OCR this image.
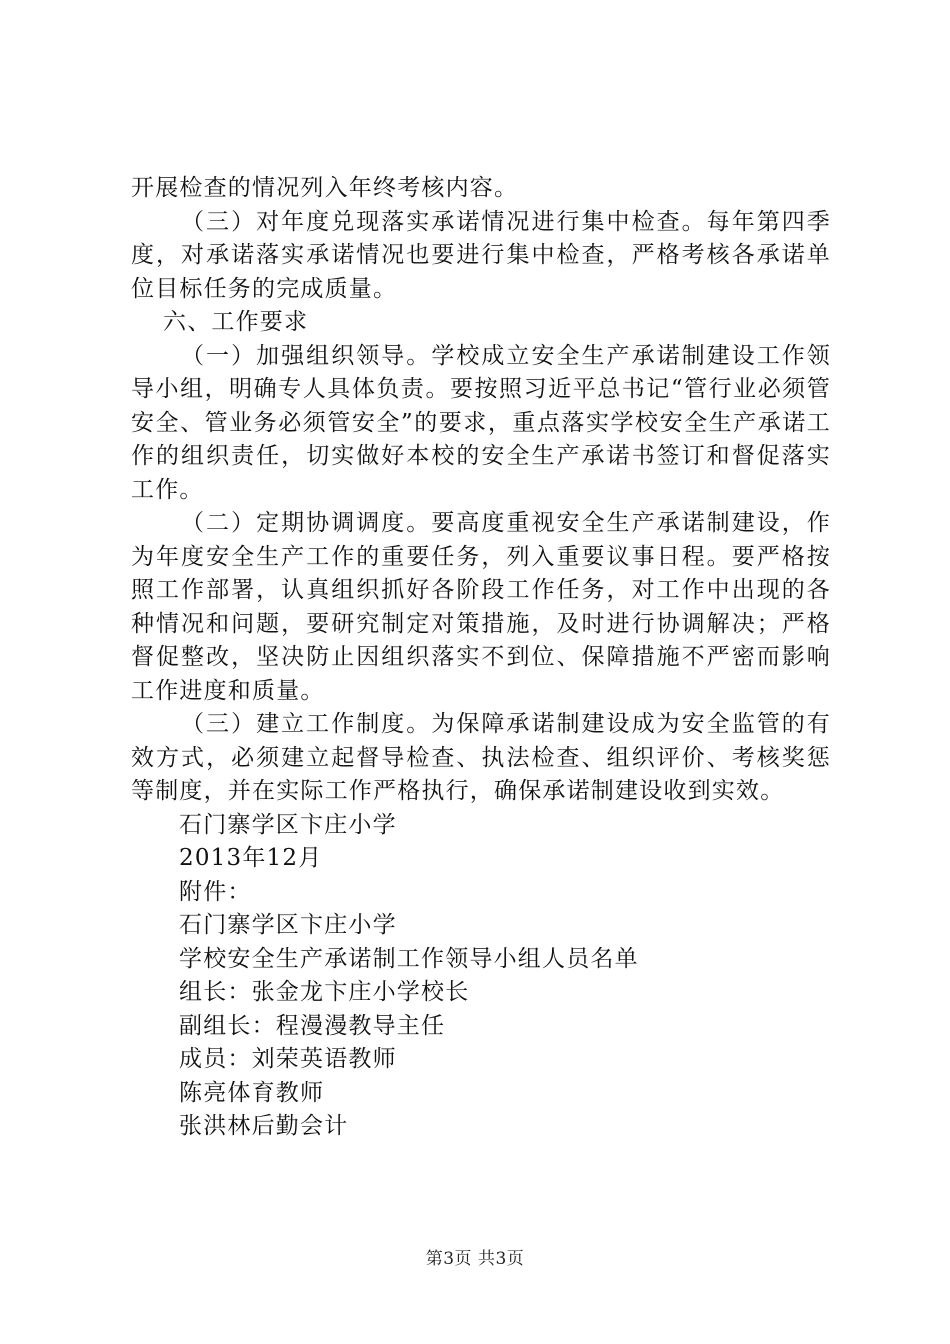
开展检查的情况列入年终考核内容。

（三）对年度兑现落实承诺情况进行集中检查。每年第四季度，对承诺落实承诺情况也要进行集中检查，严格考核各承诺单位目标任务的完成质量。

六、工作要求

（一）加强组织领导。学校成立安全生产承诺制建设工作领导小组，明确专人具体负责。要按照习近平总书记“管行业必须管安全、管业务必须管安全”的要求，重点落实学校安全生产承诺工作的组织责任，切实做好本校的安全生产承诺书签订和督促落实工作。

（二）定期协调调度。要高度重视安全生产承诺制建设，作为年度安全生产工作的重要任务，列入重要议事日程。要严格按照工作部署，认真组织抓好各阶段工作任务，对工作中出现的各种情况和问题，要研究制定对策措施，及时进行协调解决；严格督促整改，坚决防止因组织落实不到位、保障措施不严密而影响工作进度和质量。

（三）建立工作制度。为保障承诺制建设成为安全监管的有效方式，必须建立起督导检查、执法检查、组织评价、考核奖惩等制度，并在实际工作严格执行，确保承诺制建设收到实效。

石门寨学区卞庄小学

2013年12月

附件：

石门寨学区卞庄小学

学校安全生产承诺制工作领导小组人员名单

组长：张金龙卞庄小学校长

副组长：程漫漫教导主任

成员：刘荣英语教师

陈亮体育教师

张洪林后勤会计

第3页 共3页
